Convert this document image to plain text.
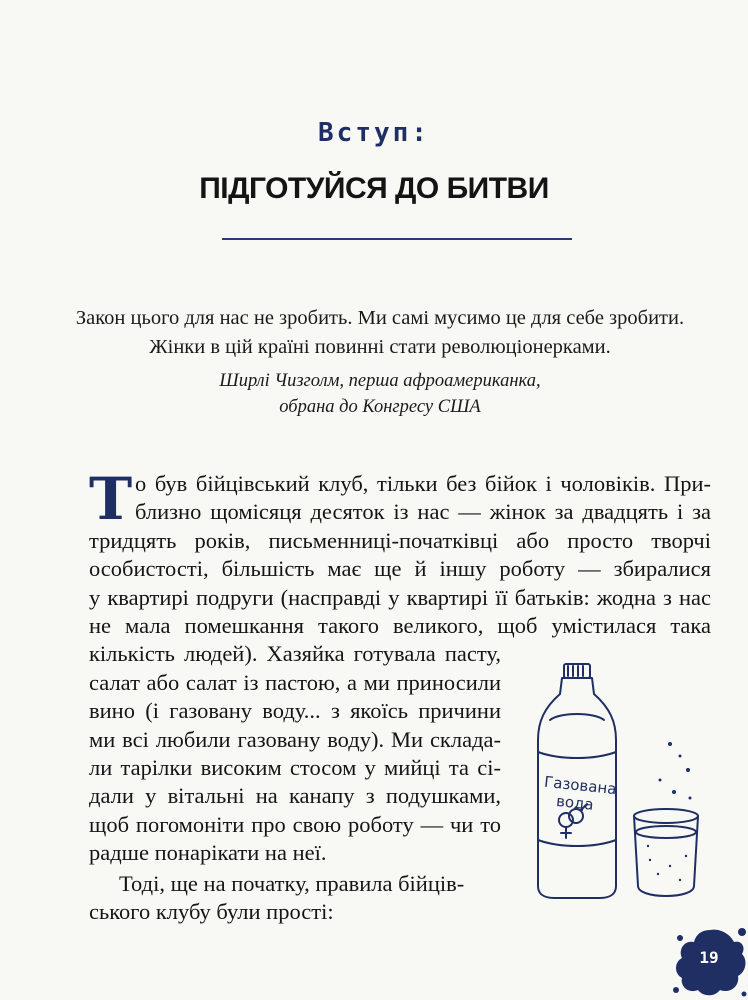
Вступ:
ПІДГОТУЙСЯ ДО БИТВИ
Закон цього для нас не зробить. Ми самі мусимо це для себе зробити.
Жінки в цій країні повинні стати революціонерками.
Ширлі Чизголм, перша афроамериканка,
обрана до Конгресу США
Т о був бійцівський клуб, тільки без бійок і чоловіків. При-
близно щомісяця десяток із нас — жінок за двадцять і за
тридцять років, письменниці-початківці або просто творчі
особистості, більшість має ще й іншу роботу — збиралися
у квартирі подруги (насправді у квартирі її батьків: жодна з нас
не мала помешкання такого великого, щоб умістилася така
кількість людей). Хазяйка готувала пасту,
салат або салат із пастою, а ми приносили
вино (і газовану воду... з якоїсь причини
ми всі любили газовану воду). Ми склада-
ли тарілки високим стосом у мийці та сі-
дали у вітальні на канапу з подушками,
щоб погомоніти про свою роботу — чи то
радше понарікати на неї.
Тоді, ще на початку, правила бійців-
ського клубу були прості:
Газована
вода
19
